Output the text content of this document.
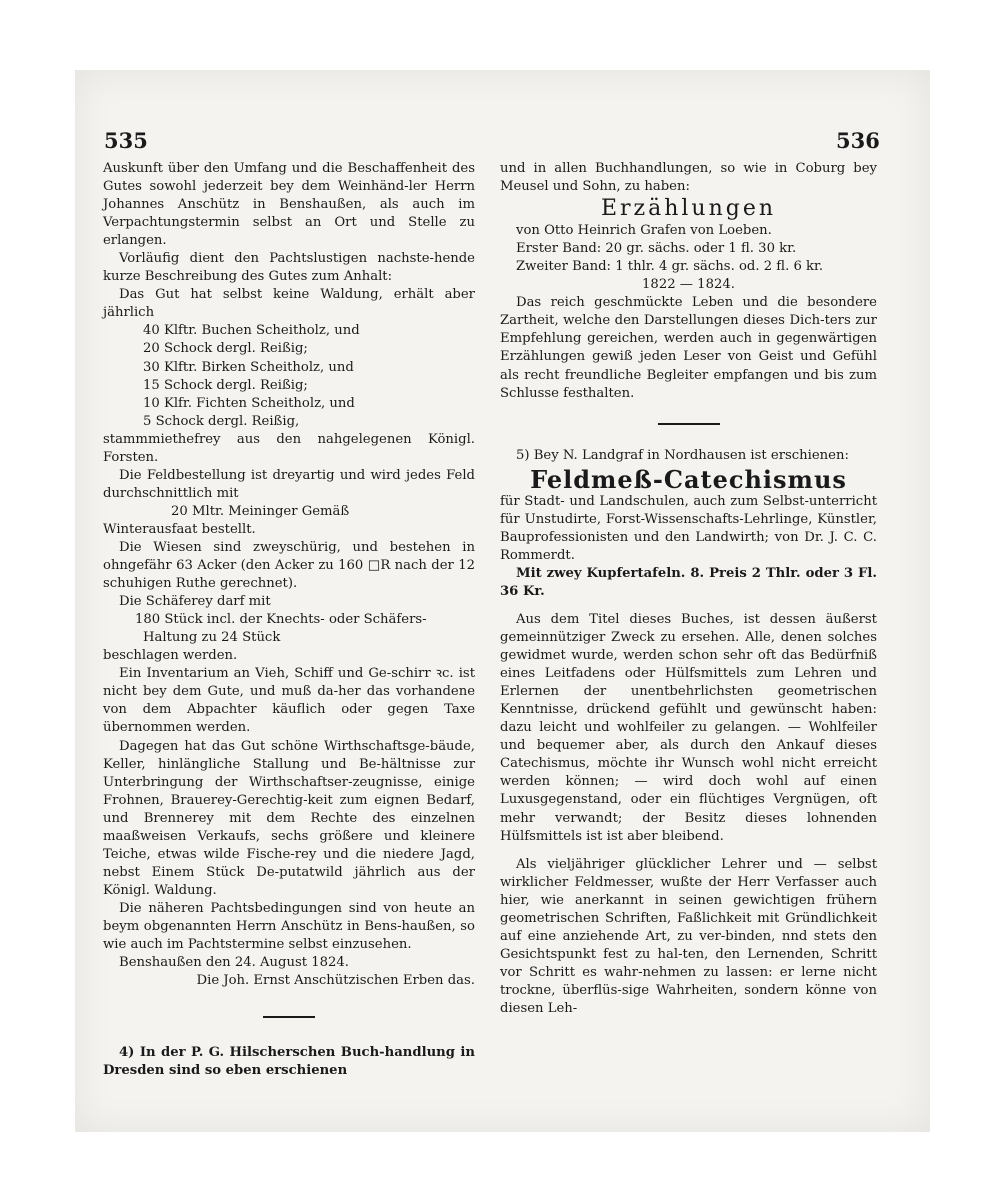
535	536

Auskunft über den Umfang und die Beschaffenheit des Gutes sowohl jederzeit bey dem Weinhänd-ler Herrn Johannes Anschütz in Benshaußen, als auch im Verpachtungstermin selbst an Ort und Stelle zu erlangen.

Vorläufig dient den Pachtslustigen nachste-hende kurze Beschreibung des Gutes zum Anhalt:

Das Gut hat selbst keine Waldung, erhält aber jährlich

40 Klftr. Buchen Scheitholz, und

20 Schock dergl. Reißig;

30 Klftr. Birken Scheitholz, und

15 Schock dergl. Reißig;

10 Klfr. Fichten Scheitholz, und

5 Schock dergl. Reißig,

stammmiethefrey aus den nahgelegenen Königl. Forsten.

Die Feldbestellung ist dreyartig und wird jedes Feld durchschnittlich mit

20 Mltr. Meininger Gemäß

Winterausfaat bestellt.

Die Wiesen sind zweyschürig, und bestehen in ohngefähr 63 Acker (den Acker zu 160 □R nach der 12 schuhigen Ruthe gerechnet).

Die Schäferey darf mit

180 Stück incl. der Knechts- oder Schäfers-

Haltung zu 24 Stück

beschlagen werden.

Ein Inventarium an Vieh, Schiff und Ge-schirr ꝛc. ist nicht bey dem Gute, und muß da-her das vorhandene von dem Abpachter käuflich oder gegen Taxe übernommen werden.

Dagegen hat das Gut schöne Wirthschaftsge-bäude, Keller, hinlängliche Stallung und Be-hältnisse zur Unterbringung der Wirthschaftser-zeugnisse, einige Frohnen, Brauerey-Gerechtig-keit zum eignen Bedarf, und Brennerey mit dem Rechte des einzelnen maaßweisen Verkaufs, sechs größere und kleinere Teiche, etwas wilde Fische-rey und die niedere Jagd, nebst Einem Stück De-putatwild jährlich aus der Königl. Waldung.

Die näheren Pachtsbedingungen sind von heute an beym obgenannten Herrn Anschütz in Bens-haußen, so wie auch im Pachtstermine selbst einzusehen.

Benshaußen den 24. August 1824.

Die Joh. Ernst Anschützischen Erben das.

4) In der P. G. Hilscherschen Buch-handlung in Dresden sind so eben erschienen

und in allen Buchhandlungen, so wie in Coburg bey Meusel und Sohn, zu haben:

Erzählungen

von Otto Heinrich Grafen von Loeben.

Erster Band: 20 gr. sächs. oder 1 fl. 30 kr.

Zweiter Band: 1 thlr. 4 gr. sächs. od. 2 fl. 6 kr.

1822 — 1824.

Das reich geschmückte Leben und die besondere Zartheit, welche den Darstellungen dieses Dich-ters zur Empfehlung gereichen, werden auch in gegenwärtigen Erzählungen gewiß jeden Leser von Geist und Gefühl als recht freundliche Begleiter empfangen und bis zum Schlusse festhalten.

5) Bey N. Landgraf in Nordhausen ist erschienen:

Feldmeß-Catechismus

für Stadt- und Landschulen, auch zum Selbst-unterricht für Unstudirte, Forst-Wissenschafts-Lehrlinge, Künstler, Bauprofessionisten und den Landwirth; von Dr. J. C. C. Rommerdt.

Mit zwey Kupfertafeln. 8. Preis 2 Thlr. oder 3 Fl. 36 Kr.

Aus dem Titel dieses Buches, ist dessen äußerst gemeinnütziger Zweck zu ersehen. Alle, denen solches gewidmet wurde, werden schon sehr oft das Bedürfniß eines Leitfadens oder Hülfsmittels zum Lehren und Erlernen der unentbehrlichsten geometrischen Kenntnisse, drückend gefühlt und gewünscht haben: dazu leicht und wohlfeiler zu gelangen. — Wohlfeiler und bequemer aber, als durch den Ankauf dieses Catechismus, möchte ihr Wunsch wohl nicht erreicht werden können; — wird doch wohl auf einen Luxusgegenstand, oder ein flüchtiges Vergnügen, oft mehr verwandt; der Besitz dieses lohnenden Hülfsmittels ist ist aber bleibend.

Als vieljähriger glücklicher Lehrer und — selbst wirklicher Feldmesser, wußte der Herr Verfasser auch hier, wie anerkannt in seinen gewichtigen frühern geometrischen Schriften, Faßlichkeit mit Gründlichkeit auf eine anziehende Art, zu ver-binden, nnd stets den Gesichtspunkt fest zu hal-ten, den Lernenden, Schritt vor Schritt es wahr-nehmen zu lassen: er lerne nicht trockne, überflüs-sige Wahrheiten, sondern könne von diesen Leh-
